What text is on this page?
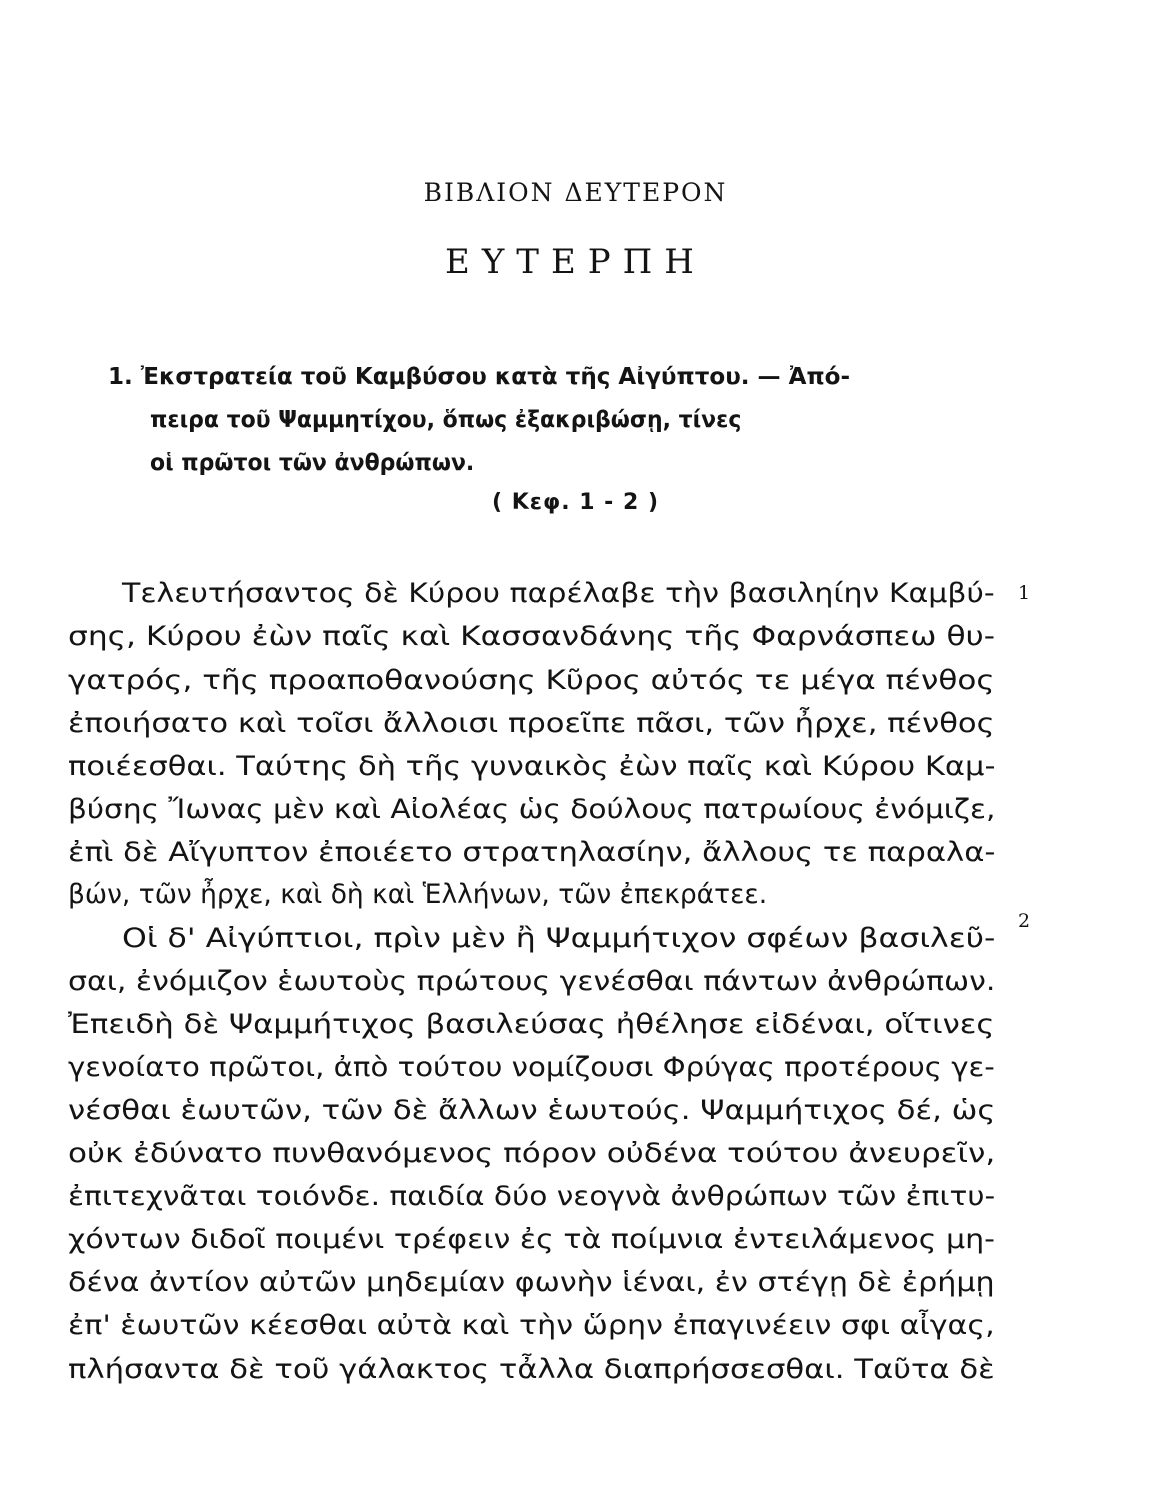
ΒΙΒΛΙΟΝ ΔΕΥΤΕΡΟΝ
ΕΥΤΕΡΠΗ
1. Ἐκστρατεία τοῦ Καμβύσου κατὰ τῆς Αἰγύπτου. — Ἀπό-
πειρα τοῦ Ψαμμητίχου, ὅπως ἐξακριβώσῃ, τίνες
οἱ πρῶτοι τῶν ἀνθρώπων.
( Κεφ. 1 - 2 )
Τελευτήσαντος δὲ Κύρου παρέλαβε τὴν βασιληίην Καμβύ-
σης, Κύρου ἐὼν παῖς καὶ Κασσανδάνης τῆς Φαρνάσπεω θυ-
γατρός, τῆς προαποθανούσης Κῦρος αὐτός τε μέγα πένθος
ἐποιήσατο καὶ τοῖσι ἄλλοισι προεῖπε πᾶσι, τῶν ἦρχε, πένθος
ποιέεσθαι. Ταύτης δὴ τῆς γυναικὸς ἐὼν παῖς καὶ Κύρου Καμ-
βύσης Ἴωνας μὲν καὶ Αἰολέας ὡς δούλους πατρωίους ἐνόμιζε,
ἐπὶ δὲ Αἴγυπτον ἐποιέετο στρατηλασίην, ἄλλους τε παραλα-
βών, τῶν ἦρχε, καὶ δὴ καὶ Ἑλλήνων, τῶν ἐπεκράτεε.
Οἱ δ' Αἰγύπτιοι, πρὶν μὲν ἢ Ψαμμήτιχον σφέων βασιλεῦ-
σαι, ἐνόμιζον ἑωυτοὺς πρώτους γενέσθαι πάντων ἀνθρώπων.
Ἐπειδὴ δὲ Ψαμμήτιχος βασιλεύσας ἠθέλησε εἰδέναι, οἵτινες
γενοίατο πρῶτοι, ἀπὸ τούτου νομίζουσι Φρύγας προτέρους γε-
νέσθαι ἑωυτῶν, τῶν δὲ ἄλλων ἑωυτούς. Ψαμμήτιχος δέ, ὡς
οὐκ ἐδύνατο πυνθανόμενος πόρον οὐδένα τούτου ἀνευρεῖν,
ἐπιτεχνᾶται τοιόνδε. παιδία δύο νεογνὰ ἀνθρώπων τῶν ἐπιτυ-
χόντων διδοῖ ποιμένι τρέφειν ἐς τὰ ποίμνια ἐντειλάμενος μη-
δένα ἀντίον αὐτῶν μηδεμίαν φωνὴν ἱέναι, ἐν στέγῃ δὲ ἐρήμῃ
ἐπ' ἑωυτῶν κέεσθαι αὐτὰ καὶ τὴν ὥρην ἐπαγινέειν σφι αἶγας,
πλήσαντα δὲ τοῦ γάλακτος τἆλλα διαπρήσσεσθαι. Ταῦτα δὲ
1
2
